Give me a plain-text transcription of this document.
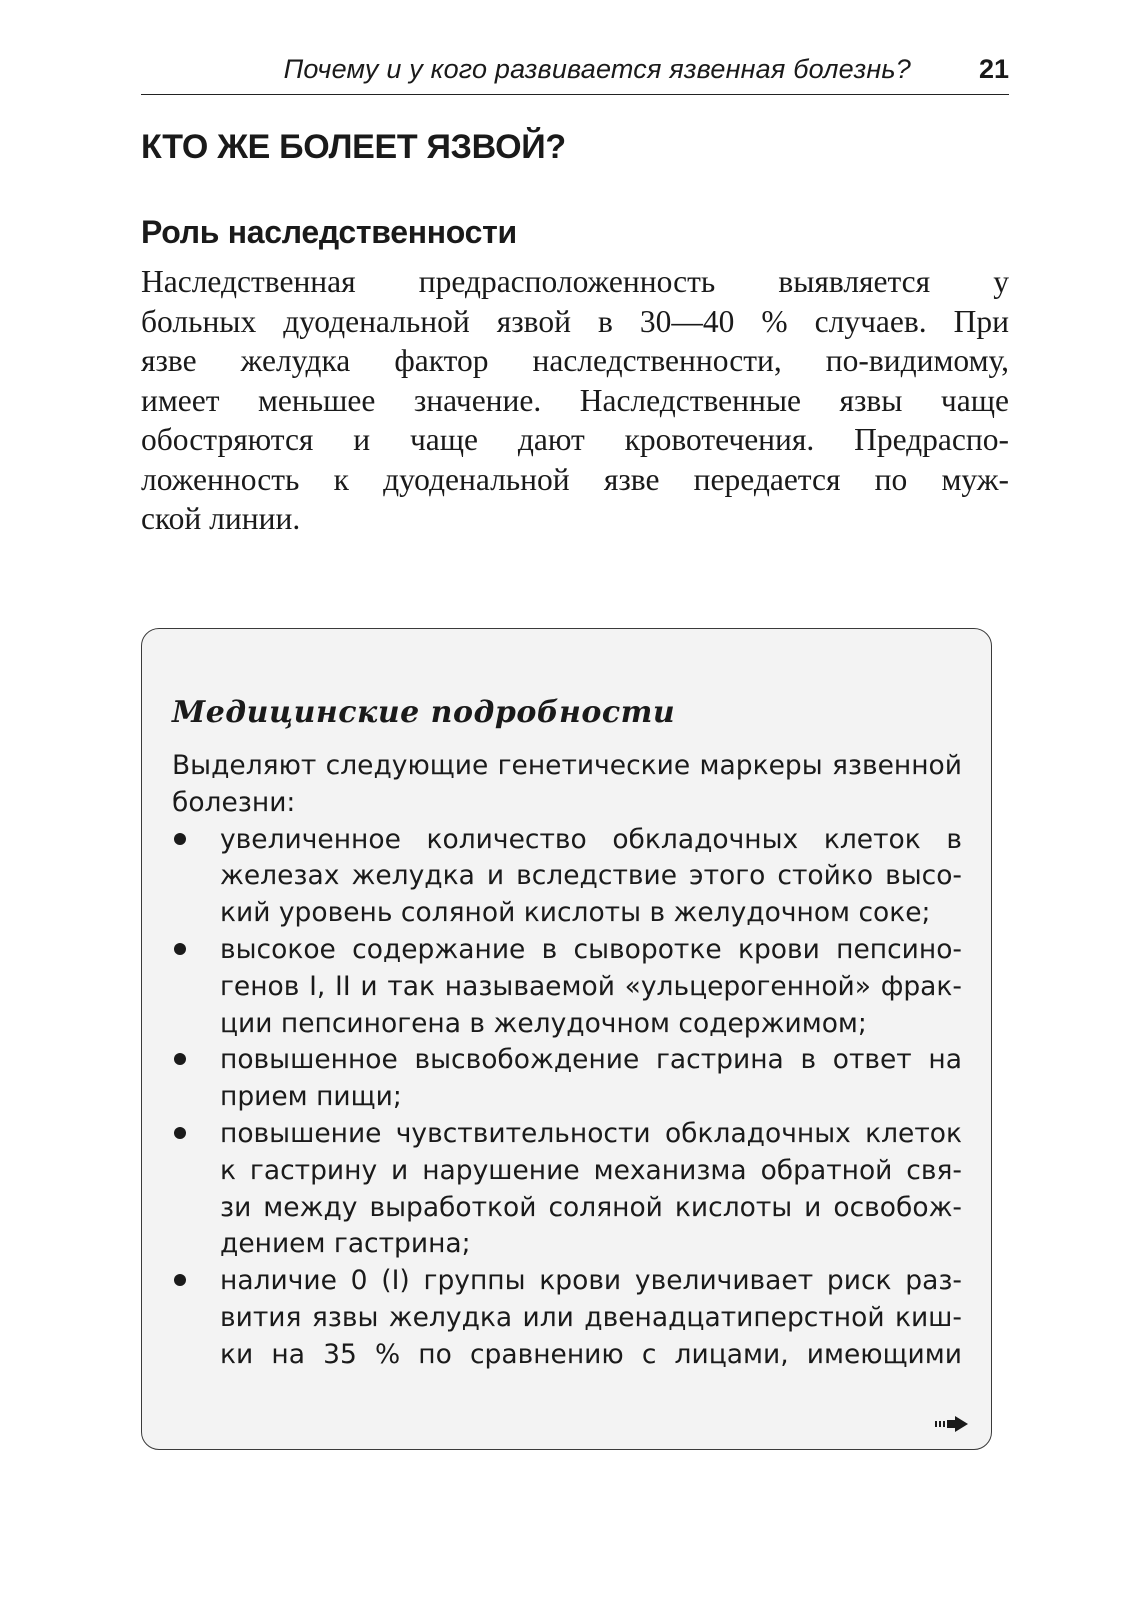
Почему и у кого развивается язвенная болезнь?	21
КТО ЖЕ БОЛЕЕТ ЯЗВОЙ?
Роль наследственности
Наследственная предрасположенность выявляется у
больных дуоденальной язвой в 30—40 % случаев. При
язве желудка фактор наследственности, по-видимому,
имеет меньшее значение. Наследственные язвы чаще
обостряются и чаще дают кровотечения. Предраспо-
ложенность к дуоденальной язве передается по муж-
ской линии.
Медицинские подробности
Выделяют следующие генетические маркеры язвенной
болезни:
увеличенное количество обкладочных клеток в
железах желудка и вследствие этого стойко высо-
кий уровень соляной кислоты в желудочном соке;
высокое содержание в сыворотке крови пепсино-
генов I, II и так называемой «ульцерогенной» фрак-
ции пепсиногена в желудочном содержимом;
повышенное высвобождение гастрина в ответ на
прием пищи;
повышение чувствительности обкладочных клеток
к гастрину и нарушение механизма обратной свя-
зи между выработкой соляной кислоты и освобож-
дением гастрина;
наличие 0 (I) группы крови увеличивает риск раз-
вития язвы желудка или двенадцатиперстной киш-
ки на 35 % по сравнению с лицами, имеющими
